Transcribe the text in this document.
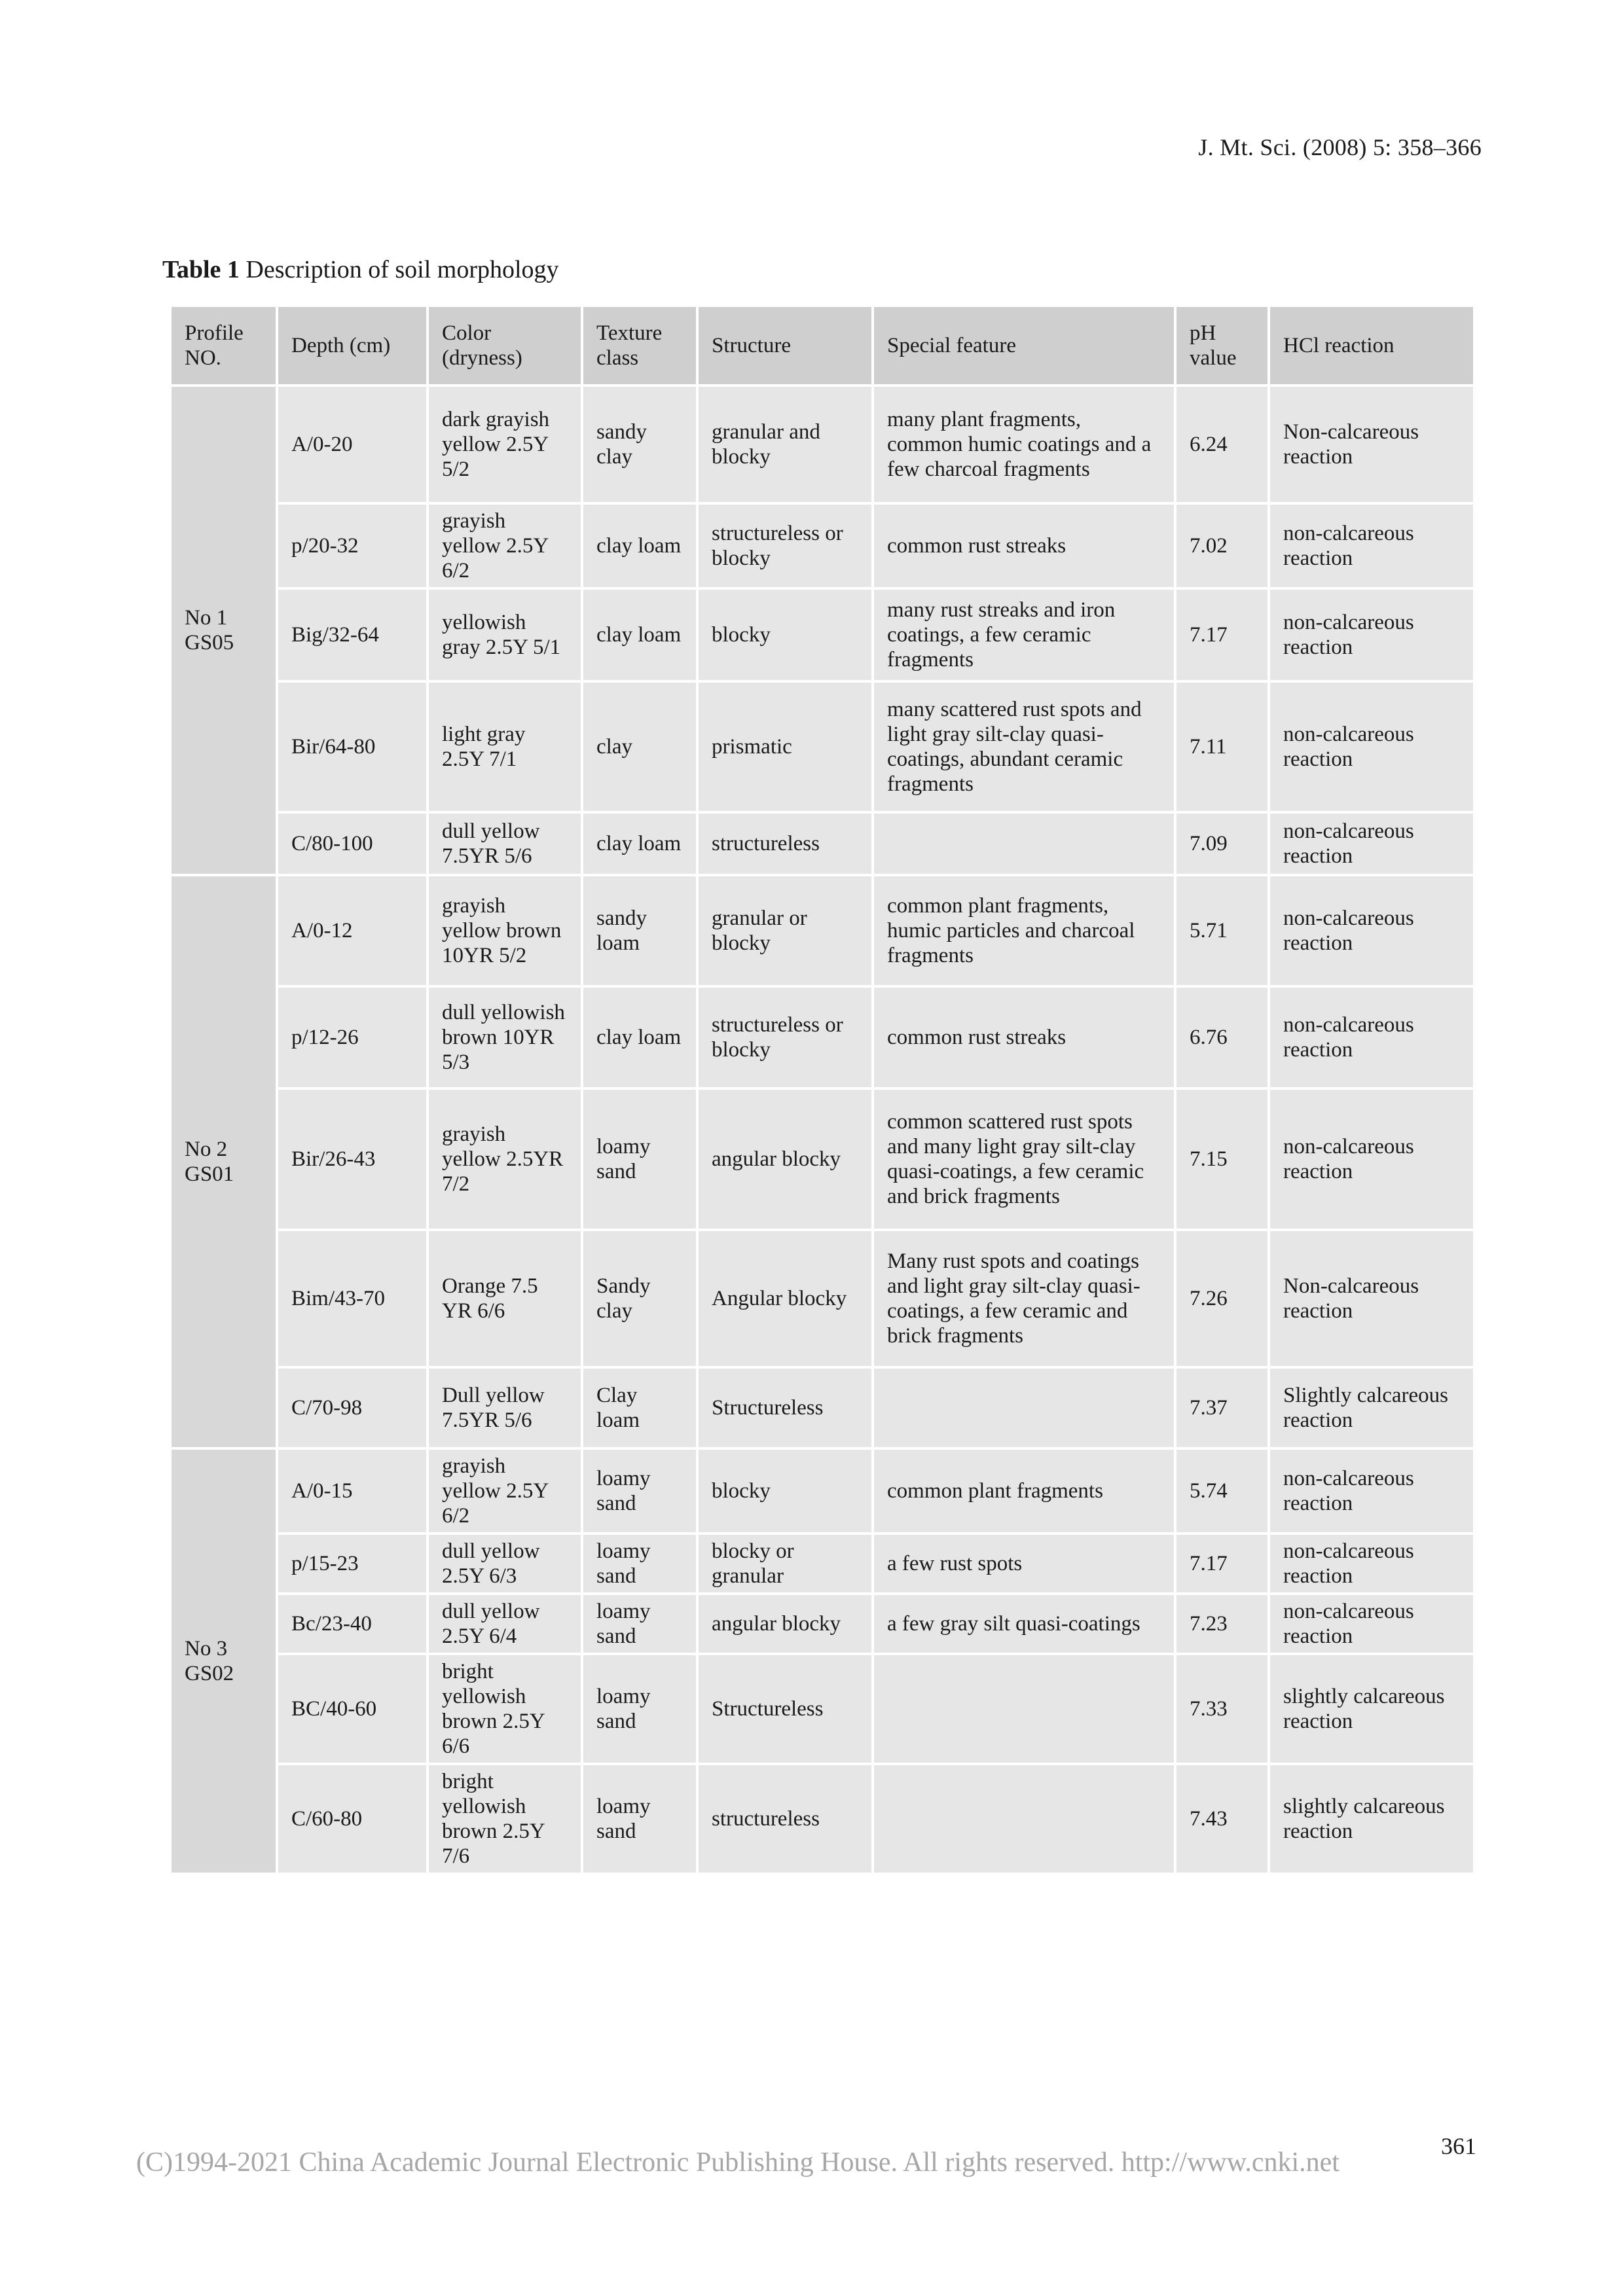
J. Mt. Sci. (2008) 5: 358–366
Table 1 Description of soil morphology
Profile NO.	Depth (cm)	Color (dryness)	Texture class	Structure	Special feature	pH value	HCl reaction
No 1 GS05	A/0-20	dark grayish yellow 2.5Y 5/2	sandy clay	granular and blocky	many plant fragments, common humic coatings and a few charcoal fragments	6.24	Non-calcareous reaction
	p/20-32	grayish yellow 2.5Y 6/2	clay loam	structureless or blocky	common rust streaks	7.02	non-calcareous reaction
	Big/32-64	yellowish gray 2.5Y 5/1	clay loam	blocky	many rust streaks and iron coatings, a few ceramic fragments	7.17	non-calcareous reaction
	Bir/64-80	light gray 2.5Y 7/1	clay	prismatic	many scattered rust spots and light gray silt-clay quasi-coatings, abundant ceramic fragments	7.11	non-calcareous reaction
	C/80-100	dull yellow 7.5YR 5/6	clay loam	structureless		7.09	non-calcareous reaction
No 2 GS01	A/0-12	grayish yellow brown 10YR 5/2	sandy loam	granular or blocky	common plant fragments, humic particles and charcoal fragments	5.71	non-calcareous reaction
	p/12-26	dull yellowish brown 10YR 5/3	clay loam	structureless or blocky	common rust streaks	6.76	non-calcareous reaction
	Bir/26-43	grayish yellow 2.5YR 7/2	loamy sand	angular blocky	common scattered rust spots and many light gray silt-clay quasi-coatings, a few ceramic and brick fragments	7.15	non-calcareous reaction
	Bim/43-70	Orange 7.5 YR 6/6	Sandy clay	Angular blocky	Many rust spots and coatings and light gray silt-clay quasi-coatings, a few ceramic and brick fragments	7.26	Non-calcareous reaction
	C/70-98	Dull yellow 7.5YR 5/6	Clay loam	Structureless		7.37	Slightly calcareous reaction
No 3 GS02	A/0-15	grayish yellow 2.5Y 6/2	loamy sand	blocky	common plant fragments	5.74	non-calcareous reaction
	p/15-23	dull yellow 2.5Y 6/3	loamy sand	blocky or granular	a few rust spots	7.17	non-calcareous reaction
	Bc/23-40	dull yellow 2.5Y 6/4	loamy sand	angular blocky	a few gray silt quasi-coatings	7.23	non-calcareous reaction
	BC/40-60	bright yellowish brown 2.5Y 6/6	loamy sand	Structureless		7.33	slightly calcareous reaction
	C/60-80	bright yellowish brown 2.5Y 7/6	loamy sand	structureless		7.43	slightly calcareous reaction
361
(C)1994-2021 China Academic Journal Electronic Publishing House. All rights reserved. http://www.cnki.net
